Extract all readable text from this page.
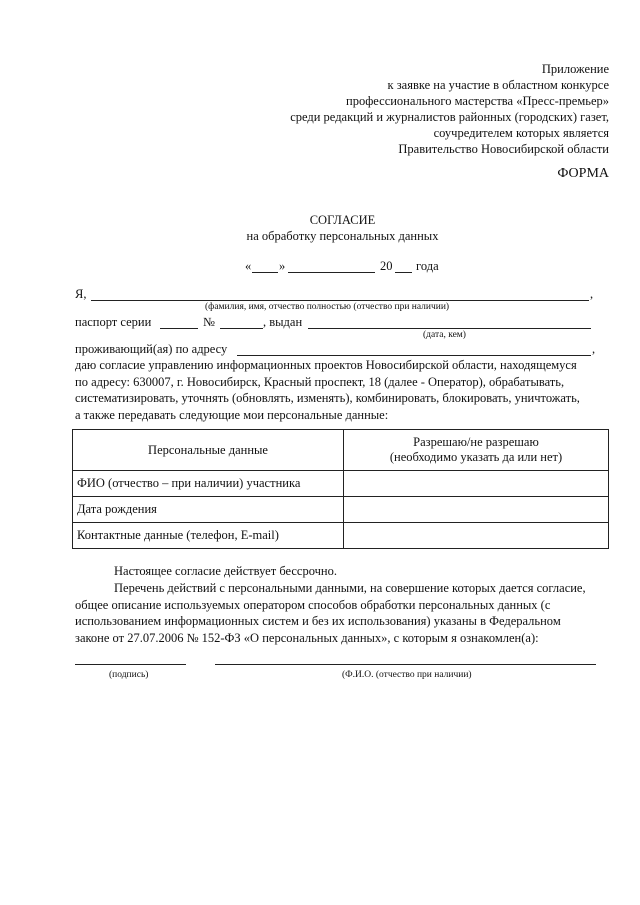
Приложение
к заявке на участие в областном конкурсе
профессионального мастерства «Пресс-премьер»
среди редакций и журналистов районных (городских) газет,
соучредителем которых является
Правительство Новосибирской области
ФОРМА
СОГЛАСИЕ
на обработку персональных данных
« »	20 года
Я,	,
(фамилия, имя, отчество полностью (отчество при наличии)
паспорт серии	№	, выдан
(дата, кем)
проживающий(ая) по адресу	,
даю согласие управлению информационных проектов Новосибирской области, находящемуся
по адресу: 630007, г. Новосибирск, Красный проспект, 18 (далее - Оператор), обрабатывать,
систематизировать, уточнять (обновлять, изменять), комбинировать, блокировать, уничтожать,
а также передавать следующие мои персональные данные:
Персональные данные	Разрешаю/не разрешаю
(необходимо указать да или нет)

ФИО (отчество – при наличии) участника	
Дата рождения	
Контактные данные (телефон, E-mail)	
Настоящее согласие действует бессрочно.
Перечень действий с персональными данными, на совершение которых дается согласие,
общее описание используемых оператором способов обработки персональных данных (с
использованием информационных систем и без их использования) указаны в Федеральном
законе от 27.07.2006 № 152-ФЗ «О персональных данных», с которым я ознакомлен(а):
(подпись)	(Ф.И.О. (отчество при наличии)
